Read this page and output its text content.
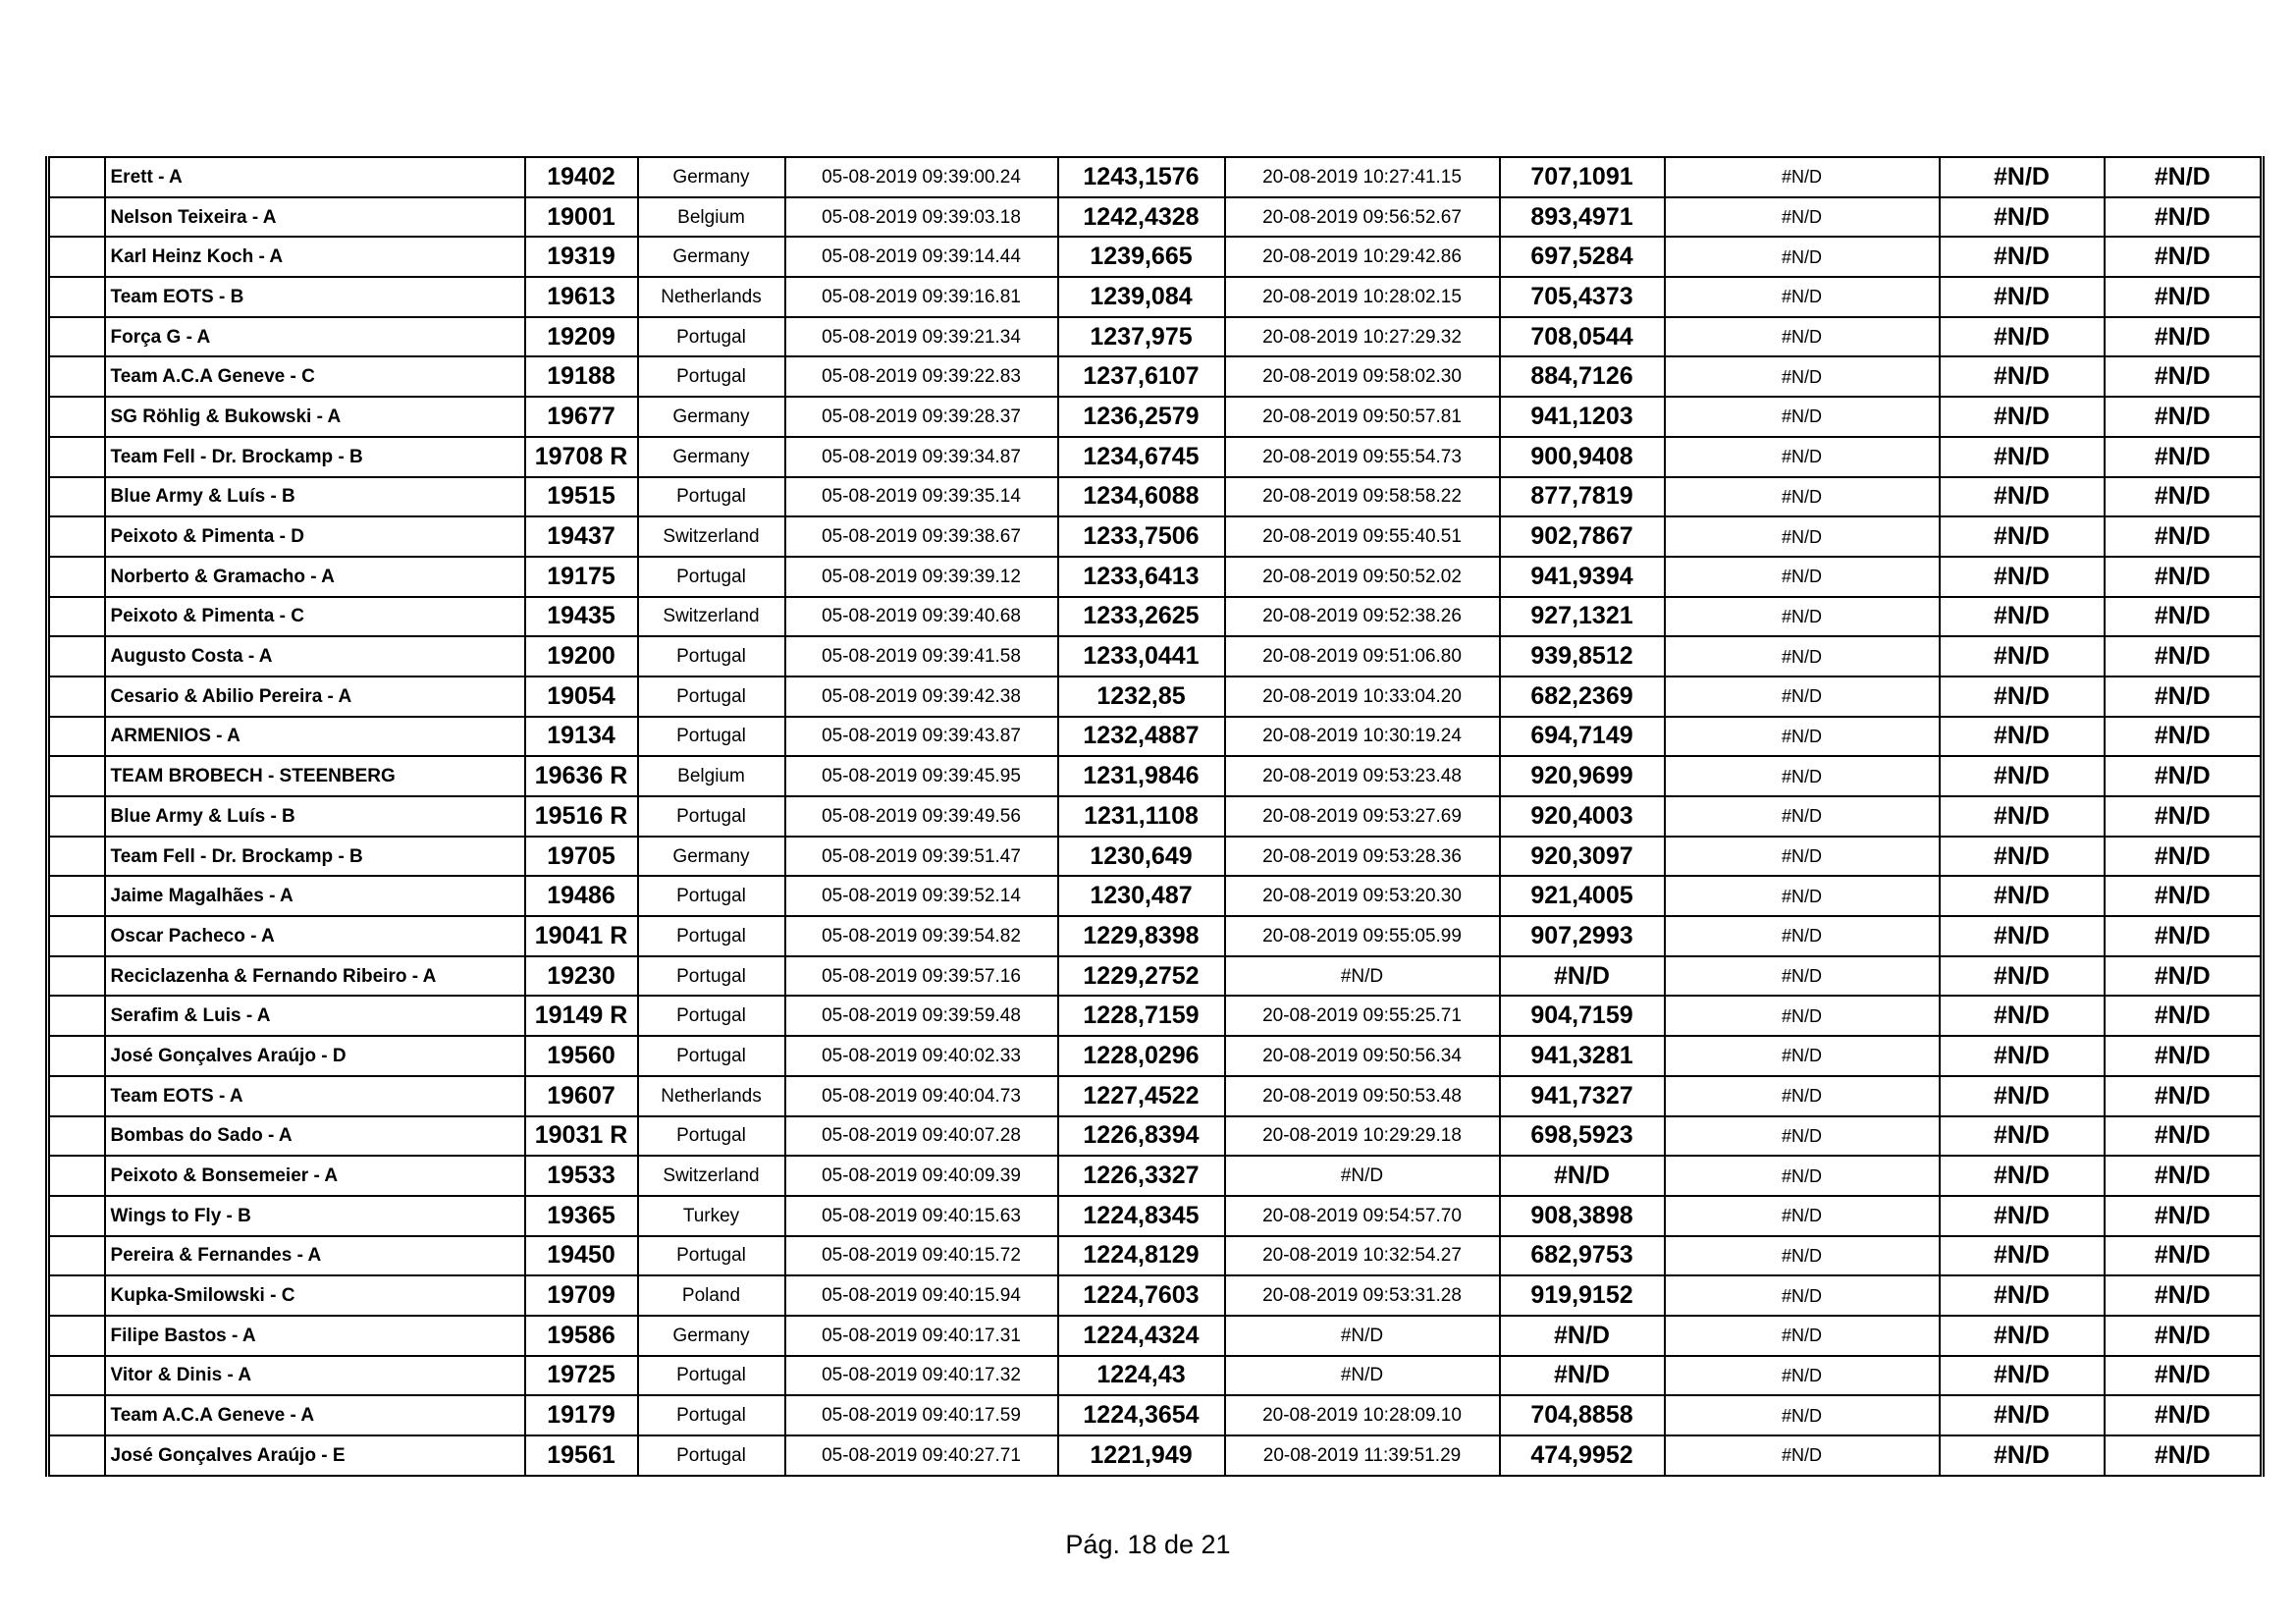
	Erett - A	19402	Germany	05-08-2019 09:39:00.24	1243,1576	20-08-2019 10:27:41.15	707,1091	#N/D	#N/D	#N/D
	Nelson Teixeira - A	19001	Belgium	05-08-2019 09:39:03.18	1242,4328	20-08-2019 09:56:52.67	893,4971	#N/D	#N/D	#N/D
	Karl Heinz Koch - A	19319	Germany	05-08-2019 09:39:14.44	1239,665	20-08-2019 10:29:42.86	697,5284	#N/D	#N/D	#N/D
	Team EOTS - B	19613	Netherlands	05-08-2019 09:39:16.81	1239,084	20-08-2019 10:28:02.15	705,4373	#N/D	#N/D	#N/D
	Força G - A	19209	Portugal	05-08-2019 09:39:21.34	1237,975	20-08-2019 10:27:29.32	708,0544	#N/D	#N/D	#N/D
	Team A.C.A Geneve - C	19188	Portugal	05-08-2019 09:39:22.83	1237,6107	20-08-2019 09:58:02.30	884,7126	#N/D	#N/D	#N/D
	SG Röhlig & Bukowski - A	19677	Germany	05-08-2019 09:39:28.37	1236,2579	20-08-2019 09:50:57.81	941,1203	#N/D	#N/D	#N/D
	Team Fell - Dr. Brockamp - B	19708 R	Germany	05-08-2019 09:39:34.87	1234,6745	20-08-2019 09:55:54.73	900,9408	#N/D	#N/D	#N/D
	Blue Army & Luís - B	19515	Portugal	05-08-2019 09:39:35.14	1234,6088	20-08-2019 09:58:58.22	877,7819	#N/D	#N/D	#N/D
	Peixoto & Pimenta - D	19437	Switzerland	05-08-2019 09:39:38.67	1233,7506	20-08-2019 09:55:40.51	902,7867	#N/D	#N/D	#N/D
	Norberto & Gramacho - A	19175	Portugal	05-08-2019 09:39:39.12	1233,6413	20-08-2019 09:50:52.02	941,9394	#N/D	#N/D	#N/D
	Peixoto & Pimenta - C	19435	Switzerland	05-08-2019 09:39:40.68	1233,2625	20-08-2019 09:52:38.26	927,1321	#N/D	#N/D	#N/D
	Augusto Costa - A	19200	Portugal	05-08-2019 09:39:41.58	1233,0441	20-08-2019 09:51:06.80	939,8512	#N/D	#N/D	#N/D
	Cesario & Abilio Pereira - A	19054	Portugal	05-08-2019 09:39:42.38	1232,85	20-08-2019 10:33:04.20	682,2369	#N/D	#N/D	#N/D
	ARMENIOS - A	19134	Portugal	05-08-2019 09:39:43.87	1232,4887	20-08-2019 10:30:19.24	694,7149	#N/D	#N/D	#N/D
	TEAM BROBECH - STEENBERG	19636 R	Belgium	05-08-2019 09:39:45.95	1231,9846	20-08-2019 09:53:23.48	920,9699	#N/D	#N/D	#N/D
	Blue Army & Luís - B	19516 R	Portugal	05-08-2019 09:39:49.56	1231,1108	20-08-2019 09:53:27.69	920,4003	#N/D	#N/D	#N/D
	Team Fell - Dr. Brockamp - B	19705	Germany	05-08-2019 09:39:51.47	1230,649	20-08-2019 09:53:28.36	920,3097	#N/D	#N/D	#N/D
	Jaime Magalhães - A	19486	Portugal	05-08-2019 09:39:52.14	1230,487	20-08-2019 09:53:20.30	921,4005	#N/D	#N/D	#N/D
	Oscar Pacheco - A	19041 R	Portugal	05-08-2019 09:39:54.82	1229,8398	20-08-2019 09:55:05.99	907,2993	#N/D	#N/D	#N/D
	Reciclazenha & Fernando Ribeiro - A	19230	Portugal	05-08-2019 09:39:57.16	1229,2752	#N/D	#N/D	#N/D	#N/D	#N/D
	Serafim & Luis - A	19149 R	Portugal	05-08-2019 09:39:59.48	1228,7159	20-08-2019 09:55:25.71	904,7159	#N/D	#N/D	#N/D
	José Gonçalves Araújo - D	19560	Portugal	05-08-2019 09:40:02.33	1228,0296	20-08-2019 09:50:56.34	941,3281	#N/D	#N/D	#N/D
	Team EOTS - A	19607	Netherlands	05-08-2019 09:40:04.73	1227,4522	20-08-2019 09:50:53.48	941,7327	#N/D	#N/D	#N/D
	Bombas do Sado - A	19031 R	Portugal	05-08-2019 09:40:07.28	1226,8394	20-08-2019 10:29:29.18	698,5923	#N/D	#N/D	#N/D
	Peixoto & Bonsemeier - A	19533	Switzerland	05-08-2019 09:40:09.39	1226,3327	#N/D	#N/D	#N/D	#N/D	#N/D
	Wings to Fly - B	19365	Turkey	05-08-2019 09:40:15.63	1224,8345	20-08-2019 09:54:57.70	908,3898	#N/D	#N/D	#N/D
	Pereira & Fernandes - A	19450	Portugal	05-08-2019 09:40:15.72	1224,8129	20-08-2019 10:32:54.27	682,9753	#N/D	#N/D	#N/D
	Kupka-Smilowski - C	19709	Poland	05-08-2019 09:40:15.94	1224,7603	20-08-2019 09:53:31.28	919,9152	#N/D	#N/D	#N/D
	Filipe Bastos - A	19586	Germany	05-08-2019 09:40:17.31	1224,4324	#N/D	#N/D	#N/D	#N/D	#N/D
	Vitor & Dinis - A	19725	Portugal	05-08-2019 09:40:17.32	1224,43	#N/D	#N/D	#N/D	#N/D	#N/D
	Team A.C.A Geneve - A	19179	Portugal	05-08-2019 09:40:17.59	1224,3654	20-08-2019 10:28:09.10	704,8858	#N/D	#N/D	#N/D
	José Gonçalves Araújo - E	19561	Portugal	05-08-2019 09:40:27.71	1221,949	20-08-2019 11:39:51.29	474,9952	#N/D	#N/D	#N/D
Pág. 18 de 21
